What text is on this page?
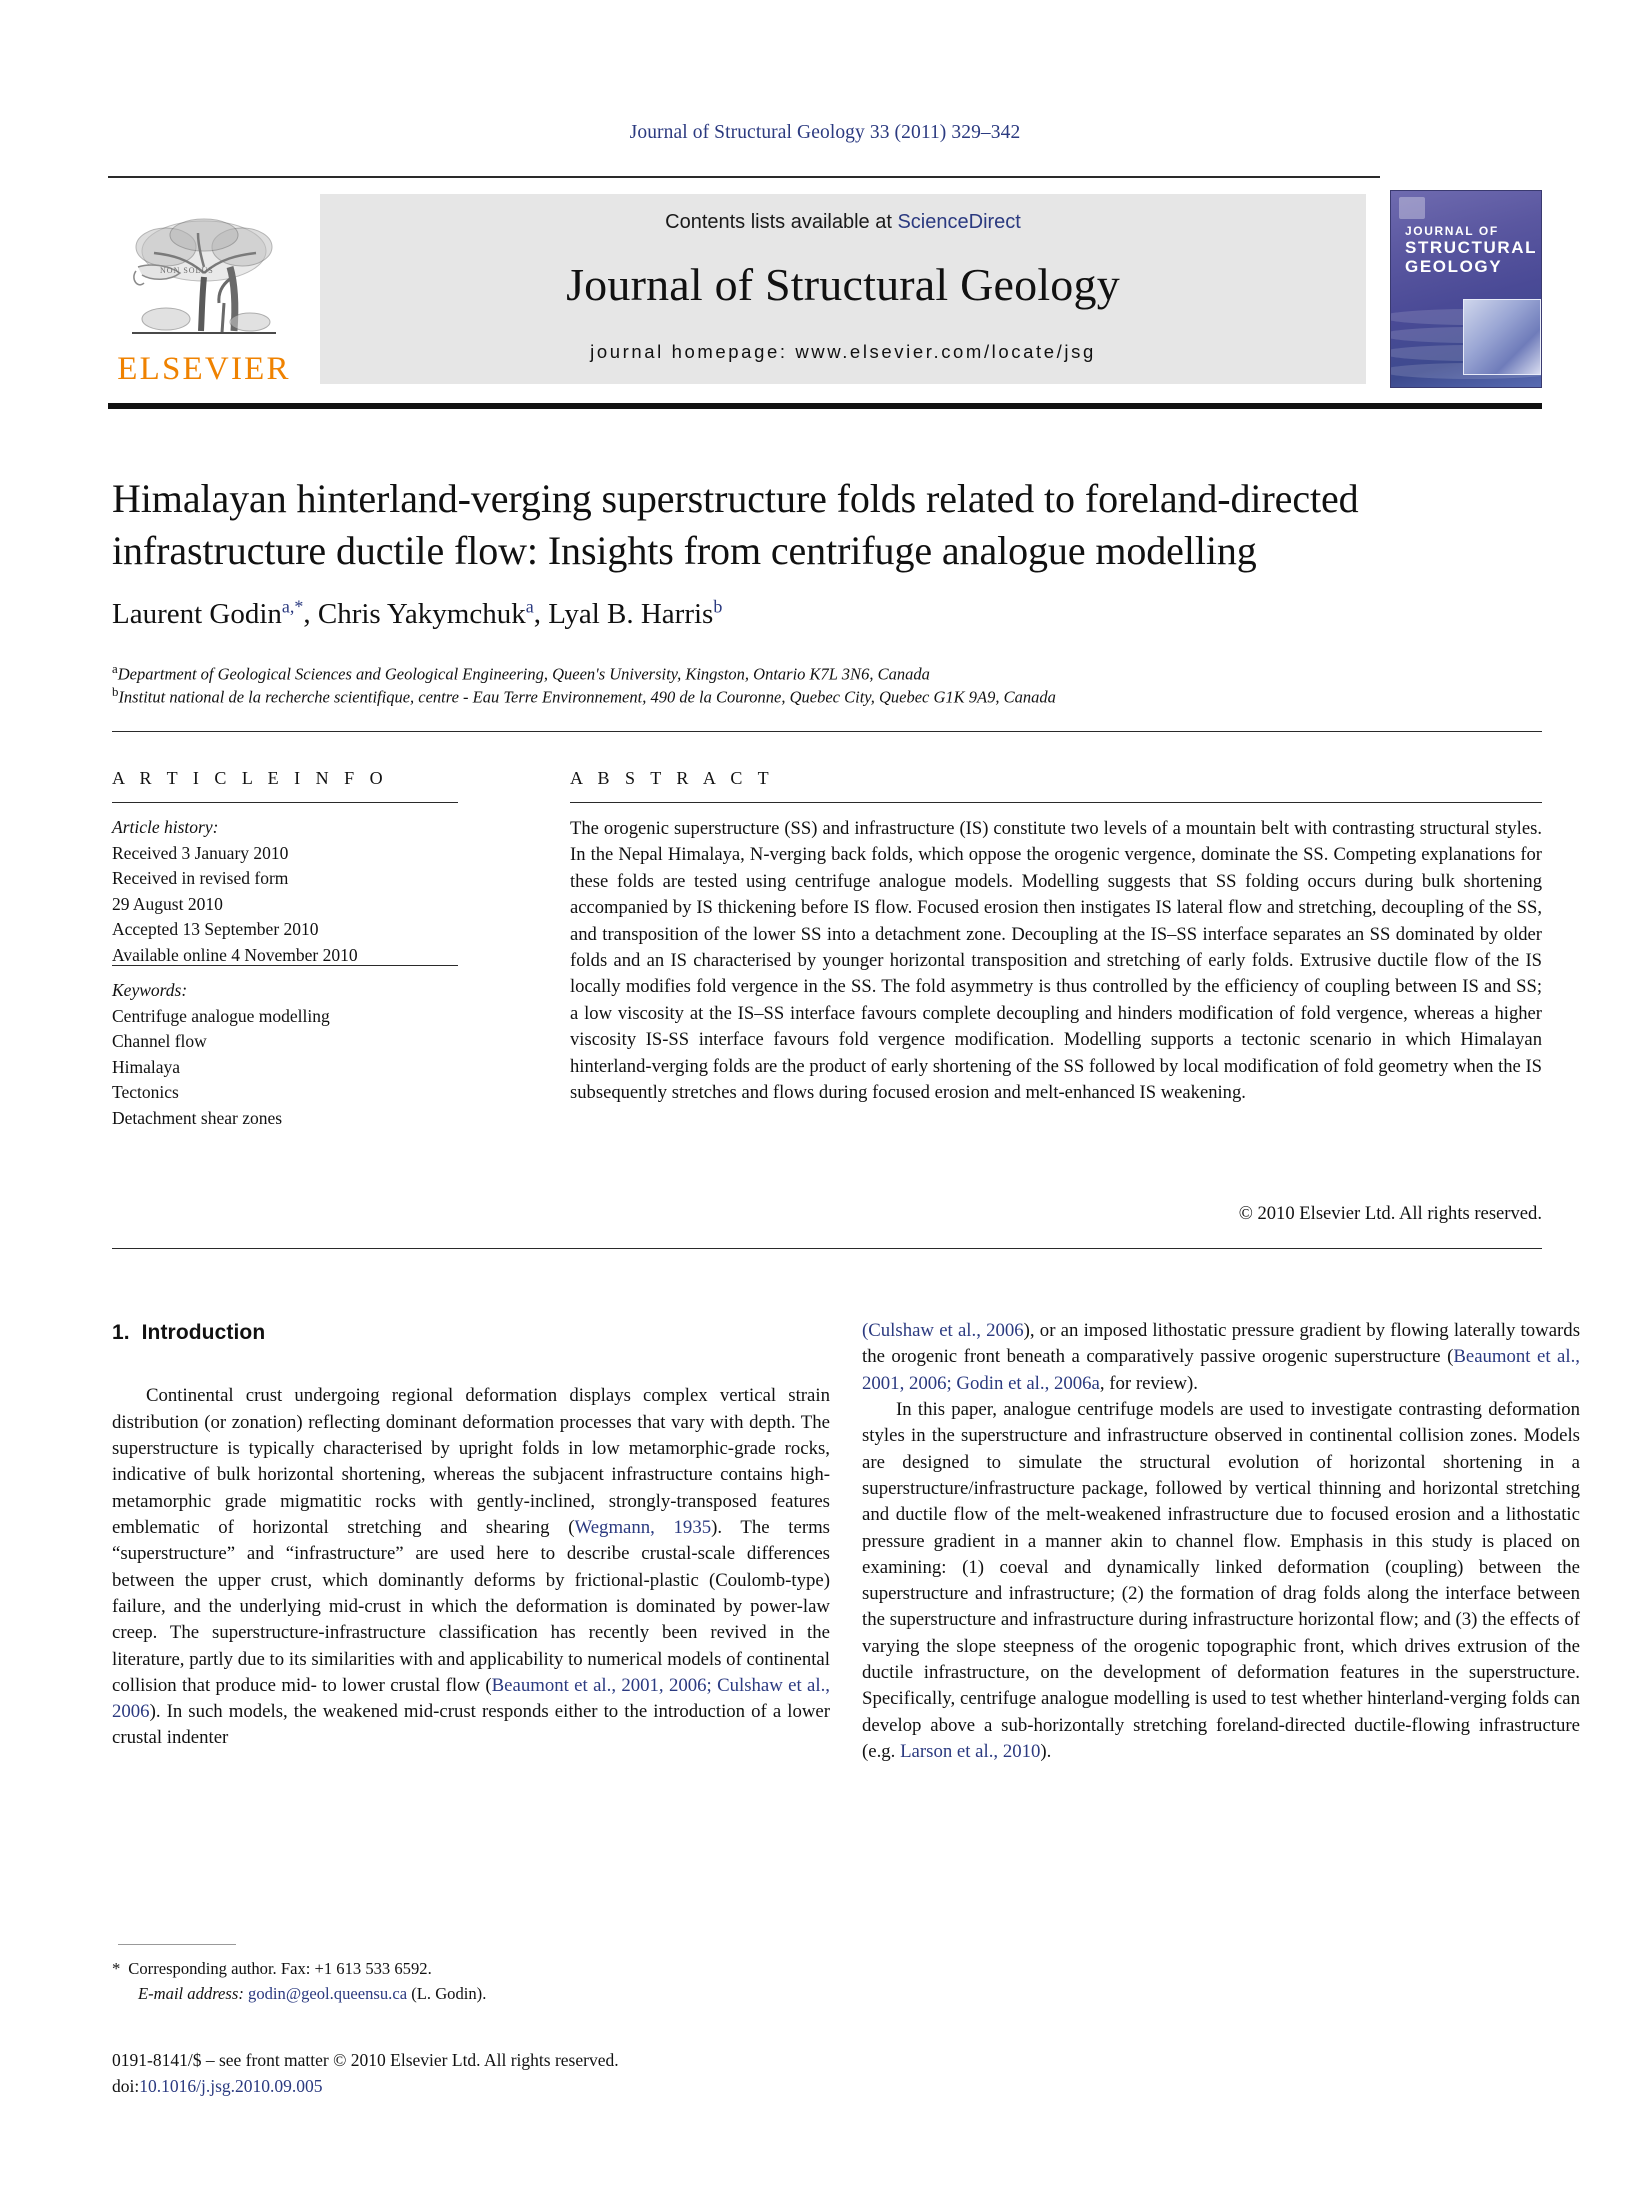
Journal of Structural Geology 33 (2011) 329–342
NON SOLUS
ELSEVIER
Contents lists available at ScienceDirect
Journal of Structural Geology
journal homepage: www.elsevier.com/locate/jsg
JOURNAL OF
STRUCTURAL
GEOLOGY
Himalayan hinterland-verging superstructure folds related to foreland-directed infrastructure ductile flow: Insights from centrifuge analogue modelling
Laurent Godin$^{a,*}$, Chris Yakymchuk$^a$, Lyal B. Harris$^b$
$^a$Department of Geological Sciences and Geological Engineering, Queen's University, Kingston, Ontario K7L 3N6, Canada
$^b$Institut national de la recherche scientifique, centre - Eau Terre Environnement, 490 de la Couronne, Quebec City, Quebec G1K 9A9, Canada
A R T I C L E I N F O	A B S T R A C T
Article history:
Received 3 January 2010
Received in revised form
29 August 2010
Accepted 13 September 2010
Available online 4 November 2010
Keywords:
Centrifuge analogue modelling
Channel flow
Himalaya
Tectonics
Detachment shear zones
The orogenic superstructure (SS) and infrastructure (IS) constitute two levels of a mountain belt with contrasting structural styles. In the Nepal Himalaya, N-verging back folds, which oppose the orogenic vergence, dominate the SS. Competing explanations for these folds are tested using centrifuge analogue models. Modelling suggests that SS folding occurs during bulk shortening accompanied by IS thickening before IS flow. Focused erosion then instigates IS lateral flow and stretching, decoupling of the SS, and transposition of the lower SS into a detachment zone. Decoupling at the IS–SS interface separates an SS dominated by older folds and an IS characterised by younger horizontal transposition and stretching of early folds. Extrusive ductile flow of the IS locally modifies fold vergence in the SS. The fold asymmetry is thus controlled by the efficiency of coupling between IS and SS; a low viscosity at the IS–SS interface favours complete decoupling and hinders modification of fold vergence, whereas a higher viscosity IS-SS interface favours fold vergence modification. Modelling supports a tectonic scenario in which Himalayan hinterland-verging folds are the product of early shortening of the SS followed by local modification of fold geometry when the IS subsequently stretches and flows during focused erosion and melt-enhanced IS weakening.
© 2010 Elsevier Ltd. All rights reserved.
1. Introduction

Continental crust undergoing regional deformation displays complex vertical strain distribution (or zonation) reflecting dominant deformation processes that vary with depth. The superstructure is typically characterised by upright folds in low metamorphic-grade rocks, indicative of bulk horizontal shortening, whereas the subjacent infrastructure contains high-metamorphic grade migmatitic rocks with gently-inclined, strongly-transposed features emblematic of horizontal stretching and shearing (Wegmann, 1935). The terms “superstructure” and “infrastructure” are used here to describe crustal-scale differences between the upper crust, which dominantly deforms by frictional-plastic (Coulomb-type) failure, and the underlying mid-crust in which the deformation is dominated by power-law creep. The superstructure-infrastructure classification has recently been revived in the literature, partly due to its similarities with and applicability to numerical models of continental collision that produce mid- to lower crustal flow (Beaumont et al., 2001, 2006; Culshaw et al., 2006). In such models, the weakened mid-crust responds either to the introduction of a lower crustal indenter

(Culshaw et al., 2006), or an imposed lithostatic pressure gradient by flowing laterally towards the orogenic front beneath a comparatively passive orogenic superstructure (Beaumont et al., 2001, 2006; Godin et al., 2006a, for review).

In this paper, analogue centrifuge models are used to investigate contrasting deformation styles in the superstructure and infrastructure observed in continental collision zones. Models are designed to simulate the structural evolution of horizontal shortening in a superstructure/infrastructure package, followed by vertical thinning and horizontal stretching and ductile flow of the melt-weakened infrastructure due to focused erosion and a lithostatic pressure gradient in a manner akin to channel flow. Emphasis in this study is placed on examining: (1) coeval and dynamically linked deformation (coupling) between the superstructure and infrastructure; (2) the formation of drag folds along the interface between the superstructure and infrastructure during infrastructure horizontal flow; and (3) the effects of varying the slope steepness of the orogenic topographic front, which drives extrusion of the ductile infrastructure, on the development of deformation features in the superstructure. Specifically, centrifuge analogue modelling is used to test whether hinterland-verging folds can develop above a sub-horizontally stretching foreland-directed ductile-flowing infrastructure (e.g. Larson et al., 2010).

* Corresponding author. Fax: +1 613 533 6592.
E-mail address: godin@geol.queensu.ca (L. Godin).
0191-8141/$ – see front matter © 2010 Elsevier Ltd. All rights reserved.
doi:10.1016/j.jsg.2010.09.005
